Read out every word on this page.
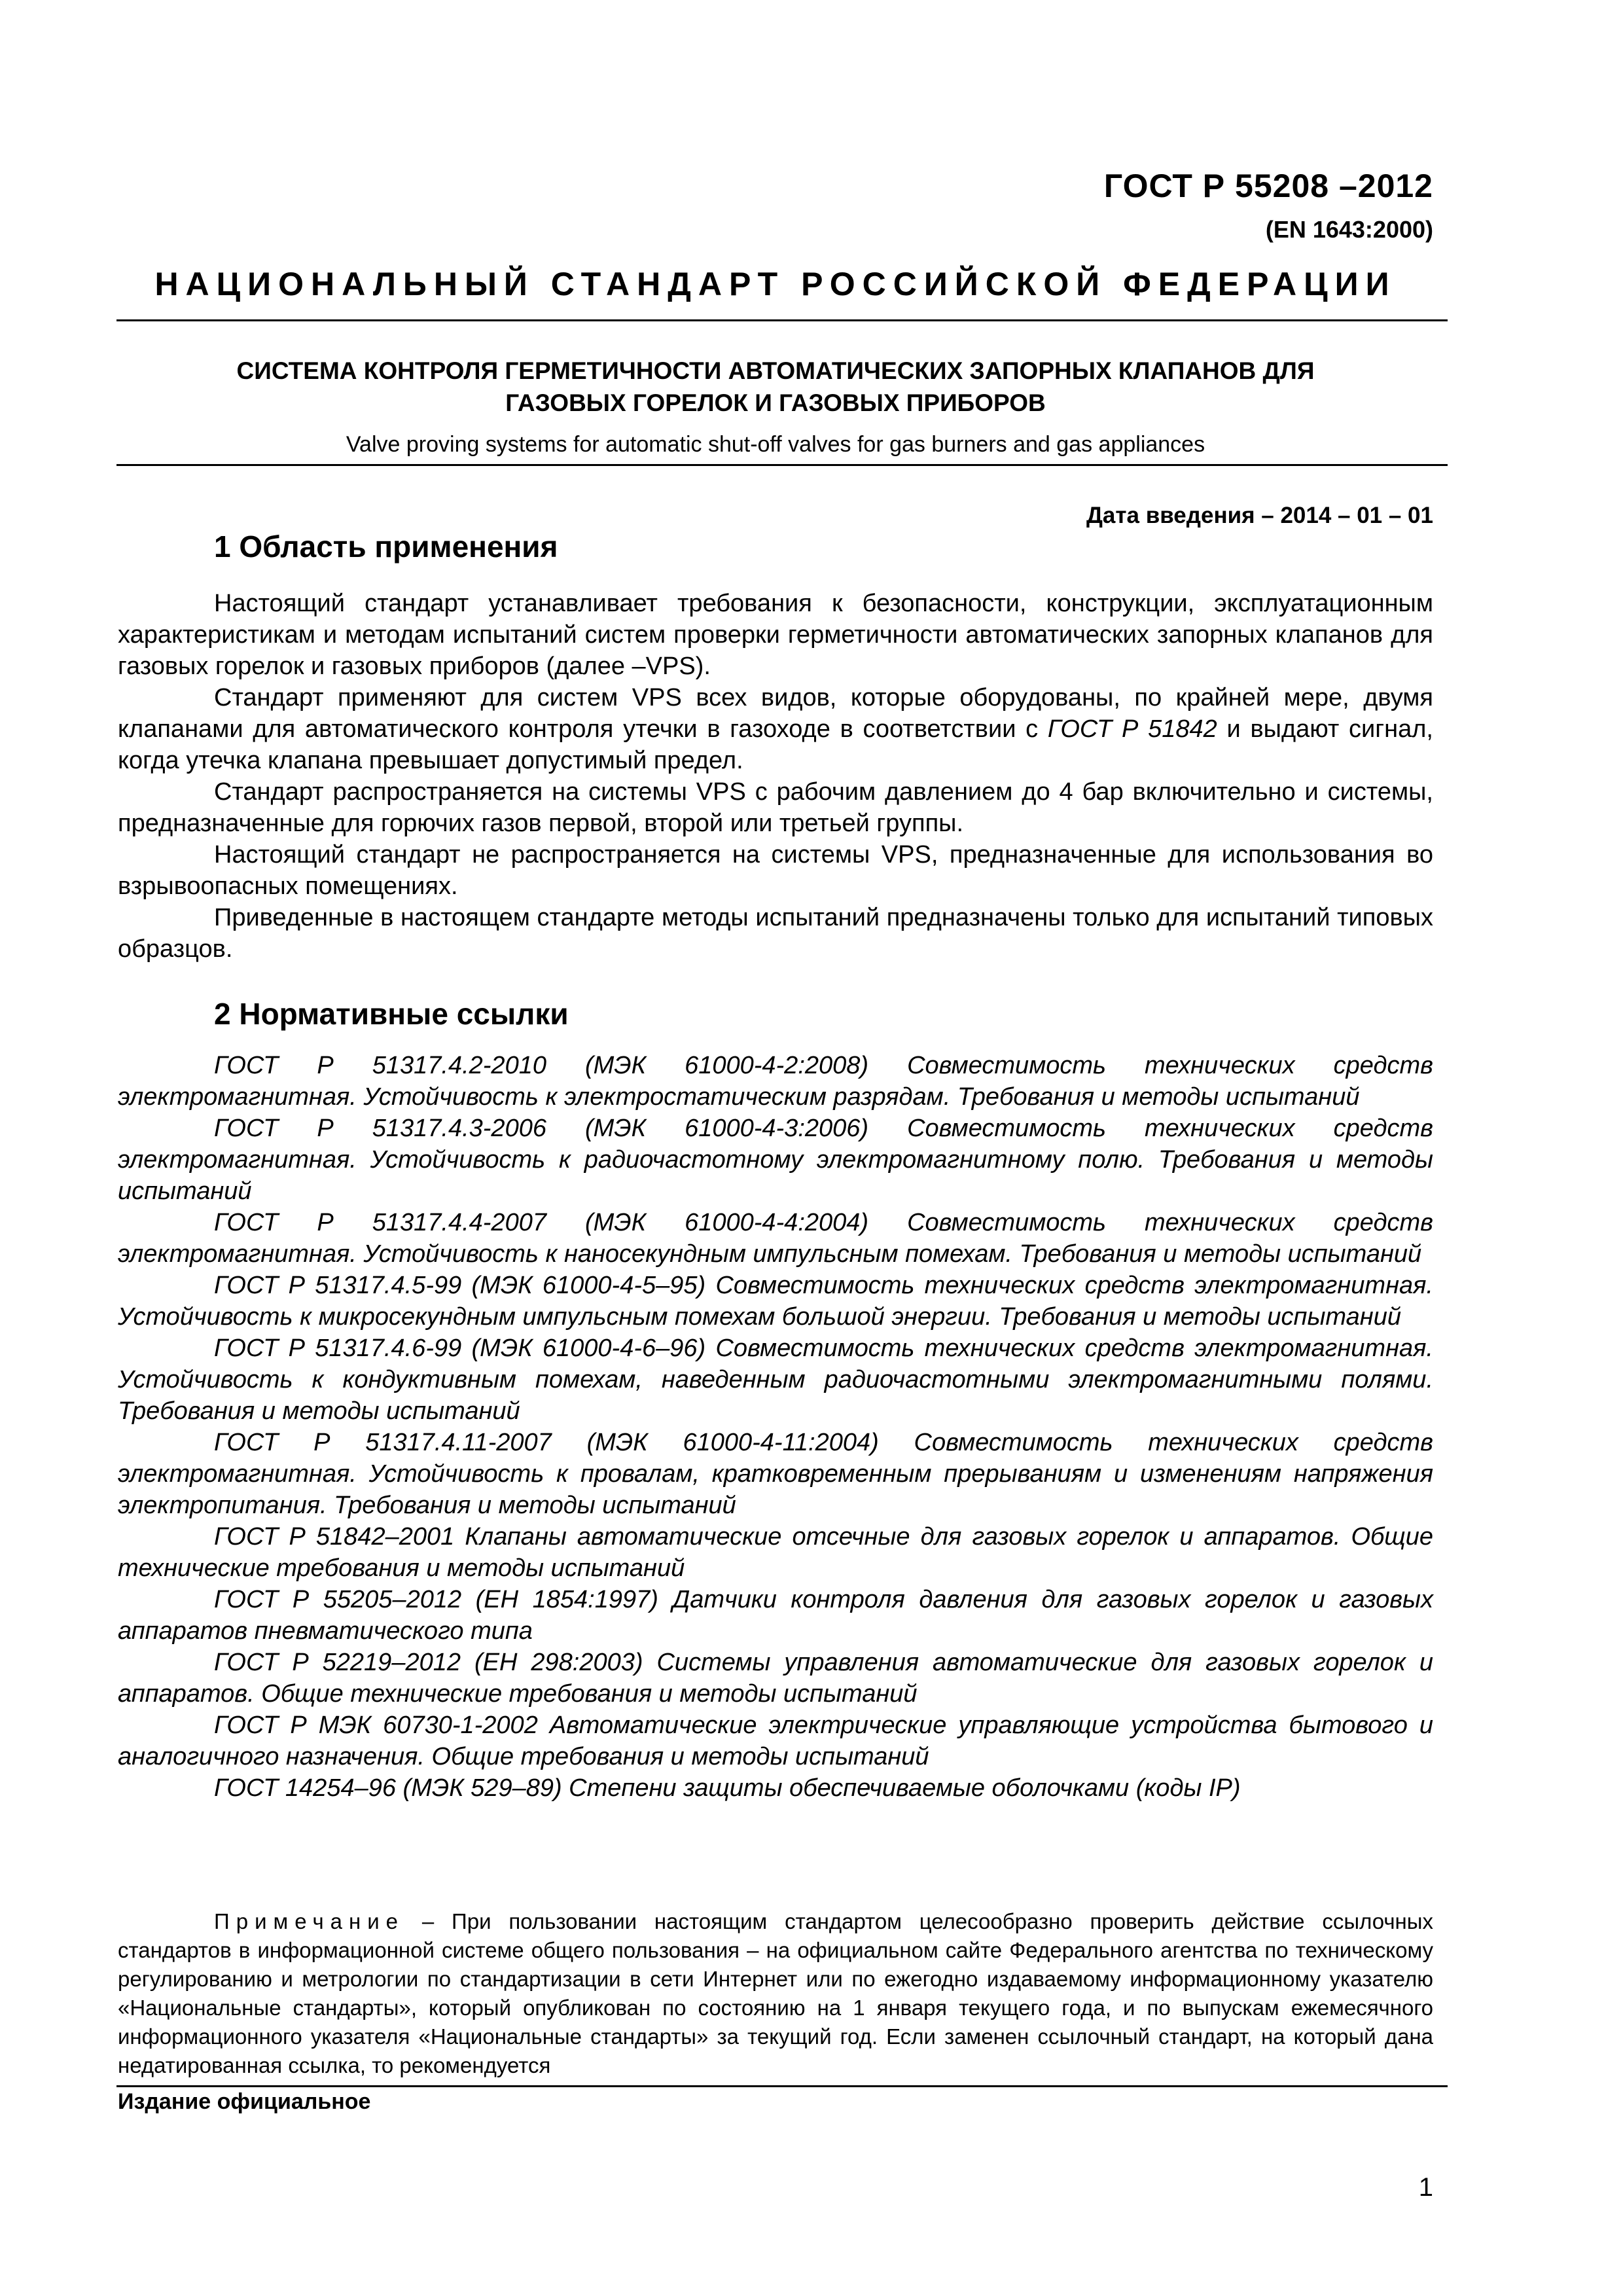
ГОСТ Р 55208 –2012
(EN 1643:2000)
НАЦИОНАЛЬНЫЙ СТАНДАРТ РОССИЙСКОЙ ФЕДЕРАЦИИ
СИСТЕМА КОНТРОЛЯ ГЕРМЕТИЧНОСТИ АВТОМАТИЧЕСКИХ ЗАПОРНЫХ КЛАПАНОВ ДЛЯ
ГАЗОВЫХ ГОРЕЛОК И ГАЗОВЫХ ПРИБОРОВ
Valve proving systems for automatic shut-off valves for gas burners and gas appliances
Дата введения – 2014 – 01 – 01
1 Область применения

Настоящий стандарт устанавливает требования к безопасности, конструкции, эксплуатационным характеристикам и методам испытаний систем проверки герметичности автоматических запорных клапанов для газовых горелок и газовых приборов (далее –VPS).

Стандарт применяют для систем VPS всех видов, которые оборудованы, по крайней мере, двумя клапанами для автоматического контроля утечки в газоходе в соответствии с ГОСТ Р 51842 и выдают сигнал, когда утечка клапана превышает допустимый предел.

Стандарт распространяется на системы VPS с рабочим давлением до 4 бар включительно и системы, предназначенные для горючих газов первой, второй или третьей группы.

Настоящий стандарт не распространяется на системы VPS, предназначенные для использования во взрывоопасных помещениях.

Приведенные в настоящем стандарте методы испытаний предназначены только для испытаний типовых образцов.

2 Нормативные ссылки

ГОСТ Р 51317.4.2-2010 (МЭК 61000-4-2:2008) Совместимость технических средств электромагнитная. Устойчивость к электростатическим разрядам. Требования и методы испытаний

ГОСТ Р 51317.4.3-2006 (МЭК 61000-4-3:2006) Совместимость технических средств электромагнитная. Устойчивость к радиочастотному электромагнитному полю. Требования и методы испытаний

ГОСТ Р 51317.4.4-2007 (МЭК 61000-4-4:2004) Совместимость технических средств электромагнитная. Устойчивость к наносекундным импульсным помехам. Требования и методы испытаний

ГОСТ Р 51317.4.5-99 (МЭК 61000-4-5–95) Совместимость технических средств электромагнитная. Устойчивость к микросекундным импульсным помехам большой энергии. Требования и методы испытаний

ГОСТ Р 51317.4.6-99 (МЭК 61000-4-6–96) Совместимость технических средств электромагнитная. Устойчивость к кондуктивным помехам, наведенным радиочастотными электромагнитными полями. Требования и методы испытаний

ГОСТ Р 51317.4.11-2007 (МЭК 61000-4-11:2004) Совместимость технических средств электромагнитная. Устойчивость к провалам, кратковременным прерываниям и изменениям напряжения электропитания. Требования и методы испытаний

ГОСТ Р 51842–2001 Клапаны автоматические отсечные для газовых горелок и аппаратов. Общие технические требования и методы испытаний

ГОСТ Р 55205–2012 (ЕН 1854:1997) Датчики контроля давления для газовых горелок и газовых аппаратов пневматического типа

ГОСТ Р 52219–2012 (ЕН 298:2003) Системы управления автоматические для газовых горелок и аппаратов. Общие технические требования и методы испытаний

ГОСТ Р МЭК 60730-1-2002 Автоматические электрические управляющие устройства бытового и аналогичного назначения. Общие требования и методы испытаний

ГОСТ 14254–96 (МЭК 529–89) Степени защиты обеспечиваемые оболочками (коды IP)

Примечание – При пользовании настоящим стандартом целесообразно проверить действие ссылочных стандартов в информационной системе общего пользования – на официальном сайте Федерального агентства по техническому регулированию и метрологии по стандартизации в сети Интернет или по ежегодно издаваемому информационному указателю «Национальные стандарты», который опубликован по состоянию на 1 января текущего года, и по выпускам ежемесячного информационного указателя «Национальные стандарты» за текущий год. Если заменен ссылочный стандарт, на который дана недатированная ссылка, то рекомендуется
Издание официальное
1
